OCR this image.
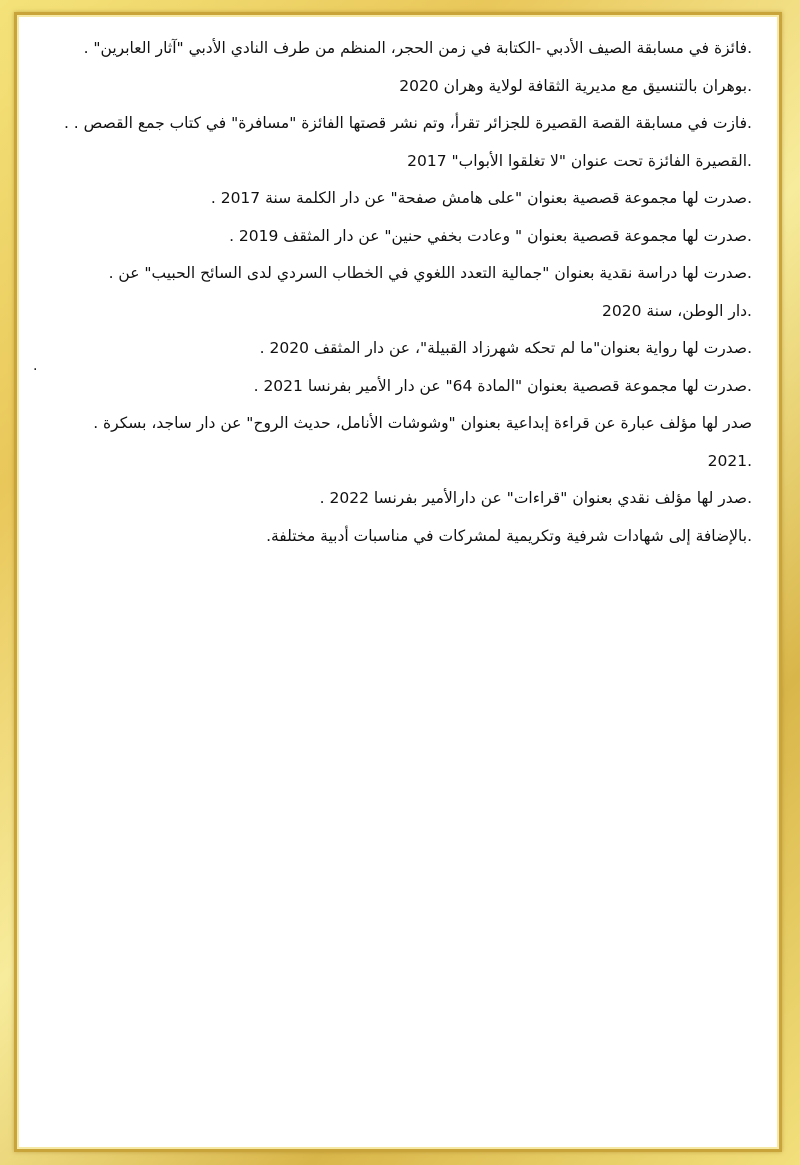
.فائزة في مسابقة الصيف الأدبي -الكتابة في زمن الحجر، المنظم من طرف النادي الأدبي "آثار العابرين" .
.بوهران بالتنسيق مع مديرية الثقافة لولاية وهران 2020
.فازت في مسابقة القصة القصيرة للجزائر تقرأ، وتم نشر قصتها الفائزة "مسافرة" في كتاب جمع القصص . .
.القصيرة الفائزة تحت عنوان "لا تغلقوا الأبواب" 2017
.صدرت لها مجموعة قصصية بعنوان "على هامش صفحة" عن دار الكلمة سنة 2017 .
.صدرت لها مجموعة قصصية بعنوان " وعادت بخفي حنين" عن دار المثقف 2019 .
.صدرت لها دراسة نقدية بعنوان "جمالية التعدد اللغوي في الخطاب السردي لدى السائح الحبيب" عن .
.دار الوطن، سنة 2020
.صدرت لها رواية بعنوان"ما لم تحكه شهرزاد القبيلة"، عن دار المثقف 2020 .
.صدرت لها مجموعة قصصية بعنوان "المادة 64" عن دار الأمير بفرنسا 2021 .
صدر لها مؤلف عبارة عن قراءة إبداعية بعنوان "وشوشات الأنامل، حديث الروح" عن دار ساجد، بسكرة .
2021.
.صدر لها مؤلف نقدي بعنوان "قراءات" عن دارالأمير بفرنسا 2022 .
.بالإضافة إلى شهادات شرفية وتكريمية لمشركات في مناسبات أدبية مختلفة.
.
